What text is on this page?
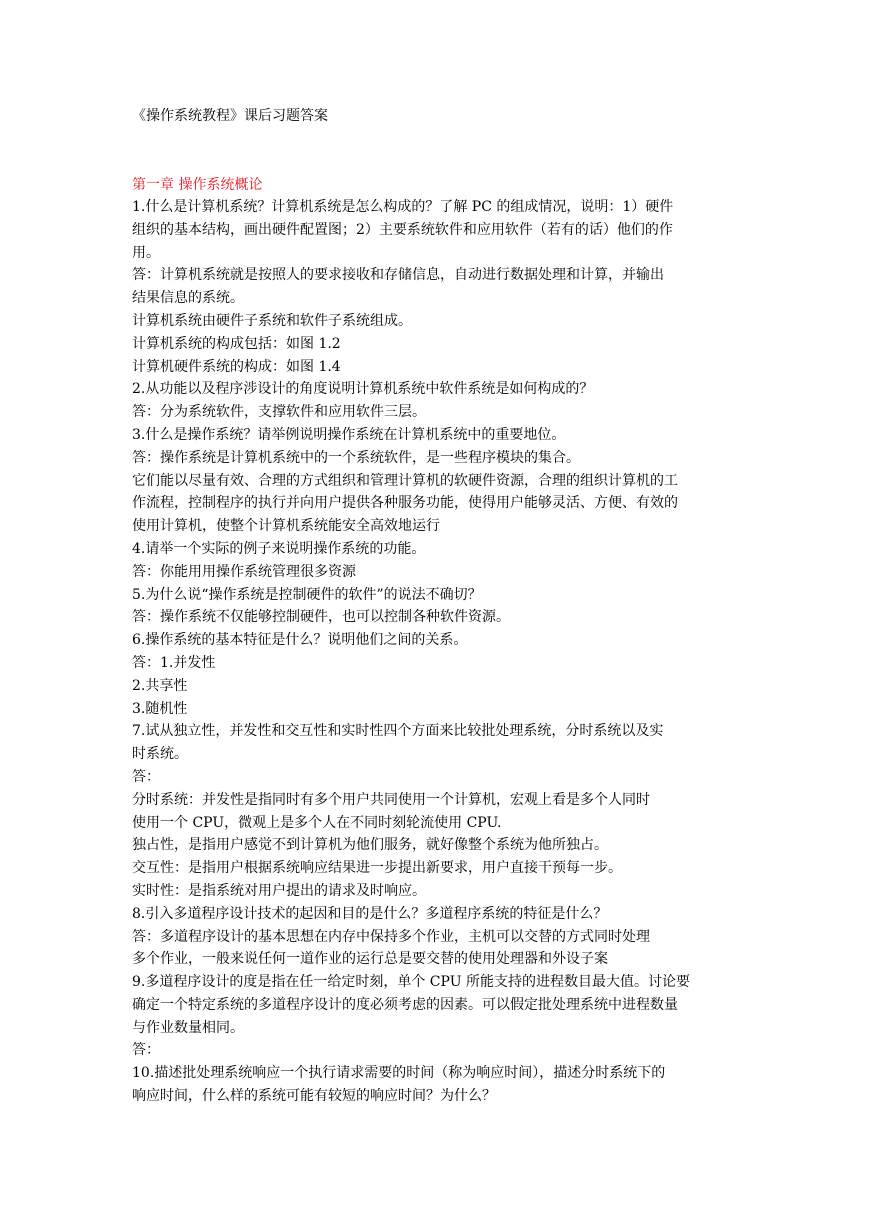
《操作系统教程》课后习题答案
第一章 操作系统概论
1.什么是计算机系统？计算机系统是怎么构成的？了解 PC 的组成情况，说明：1）硬件
组织的基本结构，画出硬件配置图；2）主要系统软件和应用软件（若有的话）他们的作
用。
答：计算机系统就是按照人的要求接收和存储信息，自动进行数据处理和计算，并输出
结果信息的系统。
计算机系统由硬件子系统和软件子系统组成。
计算机系统的构成包括：如图 1.2
计算机硬件系统的构成：如图 1.4
2.从功能以及程序涉设计的角度说明计算机系统中软件系统是如何构成的？
答：分为系统软件，支撑软件和应用软件三层。
3.什么是操作系统？请举例说明操作系统在计算机系统中的重要地位。
答：操作系统是计算机系统中的一个系统软件，是一些程序模块的集合。
它们能以尽量有效、合理的方式组织和管理计算机的软硬件资源，合理的组织计算机的工
作流程，控制程序的执行并向用户提供各种服务功能，使得用户能够灵活、方便、有效的
使用计算机，使整个计算机系统能安全高效地运行
4.请举一个实际的例子来说明操作系统的功能。
答：你能用用操作系统管理很多资源
5.为什么说“操作系统是控制硬件的软件”的说法不确切？
答：操作系统不仅能够控制硬件，也可以控制各种软件资源。
6.操作系统的基本特征是什么？说明他们之间的关系。
答：1.并发性
2.共享性
3.随机性
7.试从独立性，并发性和交互性和实时性四个方面来比较批处理系统，分时系统以及实
时系统。
答：
分时系统：并发性是指同时有多个用户共同使用一个计算机，宏观上看是多个人同时
使用一个 CPU，微观上是多个人在不同时刻轮流使用 CPU.
独占性，是指用户感觉不到计算机为他们服务，就好像整个系统为他所独占。
交互性：是指用户根据系统响应结果进一步提出新要求，用户直接干预每一步。
实时性：是指系统对用户提出的请求及时响应。
8.引入多道程序设计技术的起因和目的是什么？多道程序系统的特征是什么？
答：多道程序设计的基本思想在内存中保持多个作业，主机可以交替的方式同时处理
多个作业，一般来说任何一道作业的运行总是要交替的使用处理器和外设子案
9.多道程序设计的度是指在任一给定时刻，单个 CPU 所能支持的进程数目最大值。讨论要
确定一个特定系统的多道程序设计的度必须考虑的因素。可以假定批处理系统中进程数量
与作业数量相同。
答：
10.描述批处理系统响应一个执行请求需要的时间（称为响应时间），描述分时系统下的
响应时间，什么样的系统可能有较短的响应时间？为什么？
